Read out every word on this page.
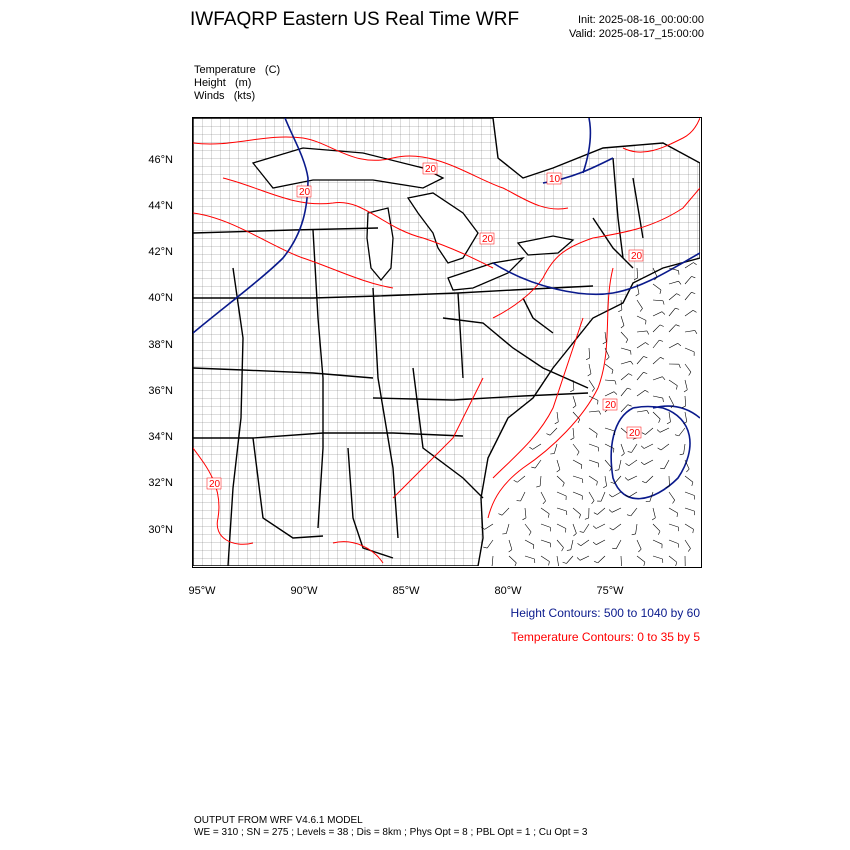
IWFAQRP Eastern US Real Time WRF	Init: 2025-08-16_00:00:00
Valid: 2025-08-17_15:00:00
Temperature   (C)
Height   (m)
Winds   (kts)
20
20
10
20
20
20
20
20
46°N
44°N
42°N
40°N
38°N
36°N
34°N
32°N
30°N
95°W	90°W	85°W	80°W	75°W
Height Contours: 500 to 1040 by 60
Temperature Contours: 0 to 35 by 5
OUTPUT FROM WRF V4.6.1 MODEL
WE = 310 ; SN = 275 ; Levels = 38 ; Dis = 8km ; Phys Opt = 8 ; PBL Opt = 1 ; Cu Opt = 3
